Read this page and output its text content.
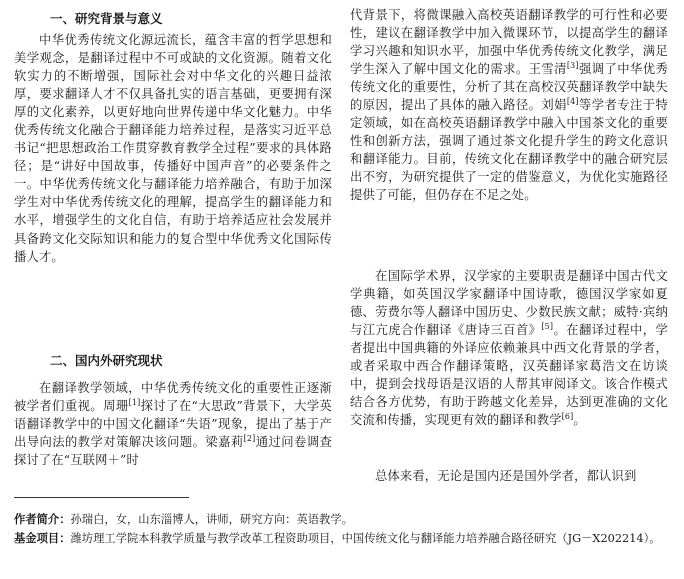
一、研究背景与意义

中华优秀传统文化源远流长，蕴含丰富的哲学思想和美学观念，是翻译过程中不可或缺的文化资源。随着文化软实力的不断增强，国际社会对中华文化的兴趣日益浓厚，要求翻译人才不仅具备扎实的语言基础，更要拥有深厚的文化素养，以更好地向世界传递中华文化魅力。中华优秀传统文化融合于翻译能力培养过程，是落实习近平总书记“把思想政治工作贯穿教育教学全过程”要求的具体路径；是“讲好中国故事，传播好中国声音”的必要条件之一。中华优秀传统文化与翻译能力培养融合，有助于加深学生对中华优秀传统文化的理解，提高学生的翻译能力和水平，增强学生的文化自信，有助于培养适应社会发展并具备跨文化交际知识和能力的复合型中华优秀文化国际传播人才。

二、国内外研究现状

在翻译教学领域，中华优秀传统文化的重要性正逐渐被学者们重视。周珊[1]探讨了在“大思政”背景下，大学英语翻译教学中的中国文化翻译“失语”现象，提出了基于产出导向法的教学对策解决该问题。梁嘉莉[2]通过问卷调查探讨了在“互联网＋”时

代背景下，将微课融入高校英语翻译教学的可行性和必要性，建议在翻译教学中加入微课环节，以提高学生的翻译学习兴趣和知识水平，加强中华优秀传统文化教学，满足学生深入了解中国文化的需求。王雪清[3]强调了中华优秀传统文化的重要性，分析了其在高校汉英翻译教学中缺失的原因，提出了具体的融入路径。刘娟[4]等学者专注于特定领域，如在高校英语翻译教学中融入中国茶文化的重要性和创新方法，强调了通过茶文化提升学生的跨文化意识和翻译能力。目前，传统文化在翻译教学中的融合研究层出不穷，为研究提供了一定的借鉴意义，为优化实施路径提供了可能，但仍存在不足之处。

在国际学术界，汉学家的主要职责是翻译中国古代文学典籍，如英国汉学家翻译中国诗歌，德国汉学家如夏德、劳费尔等人翻译中国历史、少数民族文献；威特·宾纳与江亢虎合作翻译《唐诗三百首》[5]。在翻译过程中，学者提出中国典籍的外译应依赖兼具中西文化背景的学者，或者采取中西合作翻译策略，汉英翻译家葛浩文在访谈中，提到会找母语是汉语的人帮其审阅译文。该合作模式结合各方优势，有助于跨越文化差异，达到更准确的文化交流和传播，实现更有效的翻译和教学[6]。

总体来看，无论是国内还是国外学者，都认识到

作者简介：孙瑞白，女，山东淄博人，讲师，研究方向：英语教学。
基金项目：潍坊理工学院本科教学质量与教学改革工程资助项目，中国传统文化与翻译能力培养融合路径研究（JG－X202214）。
